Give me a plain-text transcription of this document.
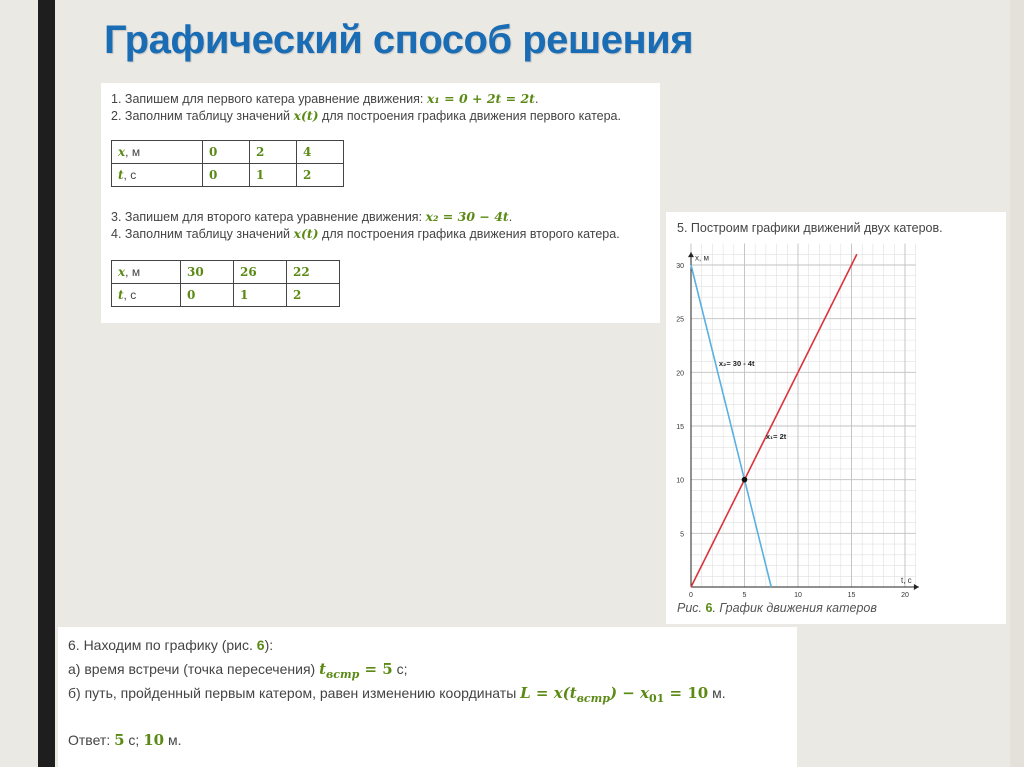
Графический способ решения
1. Запишем для первого катера уравнение движения: x₁ = 0 + 2t = 2t.
2. Заполним таблицу значений x(t) для построения графика движения первого катера.
x, м	0	2	4
t, с	0	1	2
3. Запишем для второго катера уравнение движения: x₂ = 30 − 4t.
4. Заполним таблицу значений x(t) для построения графика движения второго катера.
x, м	30	26	22
t, с	0	1	2
5. Построим графики движений двух катеров.
x, м
t, с
0	5	10	15	20
5
10
15
20
25
30
x₁= 2t
x₂= 30 - 4t
Рис. 6. График движения катеров
6. Находим по графику (рис. 6):
а) время встречи (точка пересечения) $t_{встр} = 5$ с;
б) путь, пройденный первым катером, равен изменению координаты $L = x(t_{встр}) - x_{01} = 10$ м.
Ответ: 5 с; 10 м.
